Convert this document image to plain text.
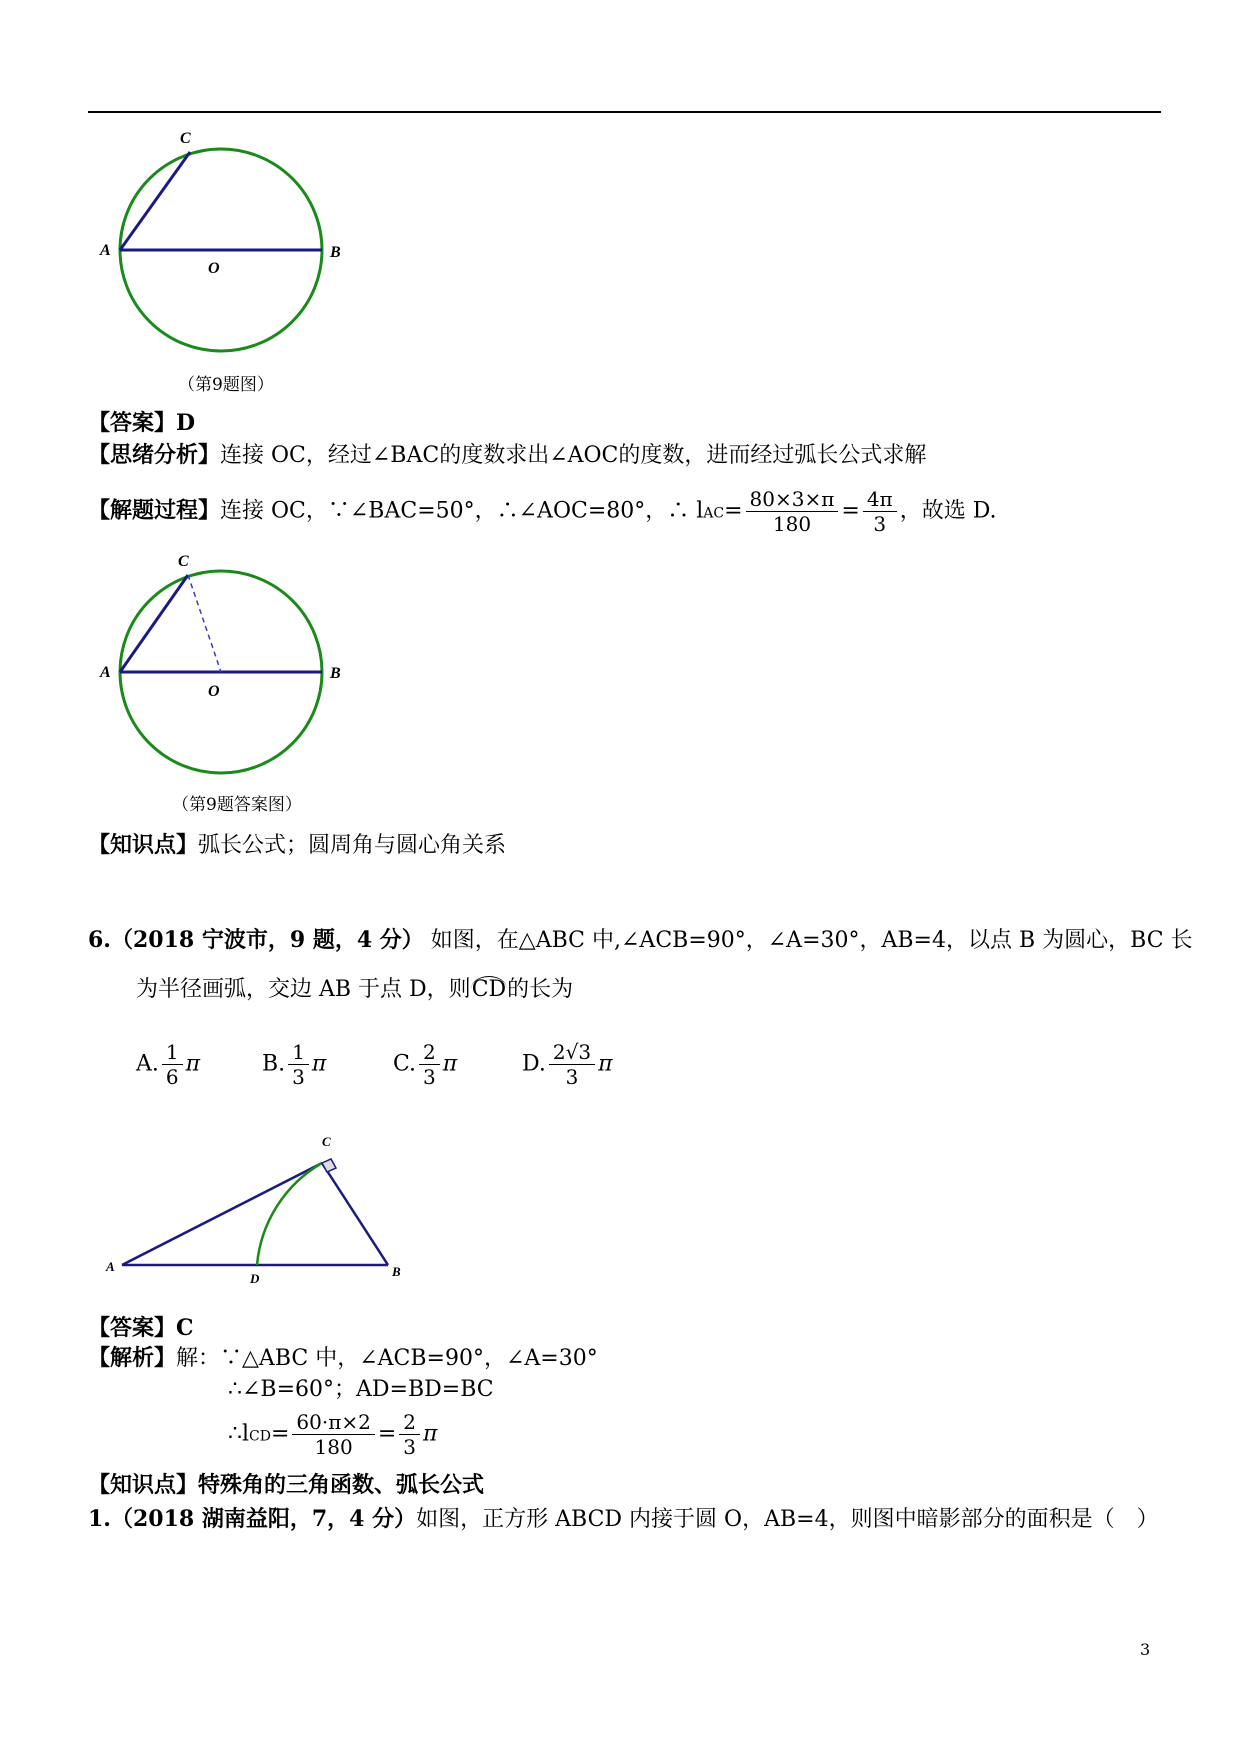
C
A
O
B
（第9题图）
【答案】D
【思绪分析】连接 OC，经过∠BAC的度数求出∠AOC的度数，进而经过弧长公式求解
【解题过程】连接 OC，∵∠BAC=50°，∴∠AOC=80°，∴ $lAC= \frac{80\times 3\times\pi}{180} = \frac{4\pi}{3}$ ，故选 D.
C
A
O
B
（第9题答案图）
【知识点】弧长公式；圆周角与圆心角关系
6.（2018 宁波市，9 题，4 分） 如图，在△ABC 中,∠ACB=90°，∠A=30°，AB=4，以点 B 为圆心，BC 长
为半径画弧，交边 AB 于点 D，则CD的长为
A. $\frac{1}{6}$ π	B. $\frac{1}{3}$ π	C. $\frac{2}{3}$ π	D. $\frac{2√3}{3}$ π
C
A
D	B
【答案】C
【解析】解：∵△ABC 中，∠ACB=90°，∠A=30°
∴∠B=60°；AD=BD=BC
∴lCD= $\frac{60\cdot\pi\times 2}{180} = \frac{2}{3}$ π
【知识点】特殊角的三角函数、弧长公式
1.（2018 湖南益阳，7，4 分）如图，正方形 ABCD 内接于圆 O，AB=4，则图中暗影部分的面积是（　）
3
